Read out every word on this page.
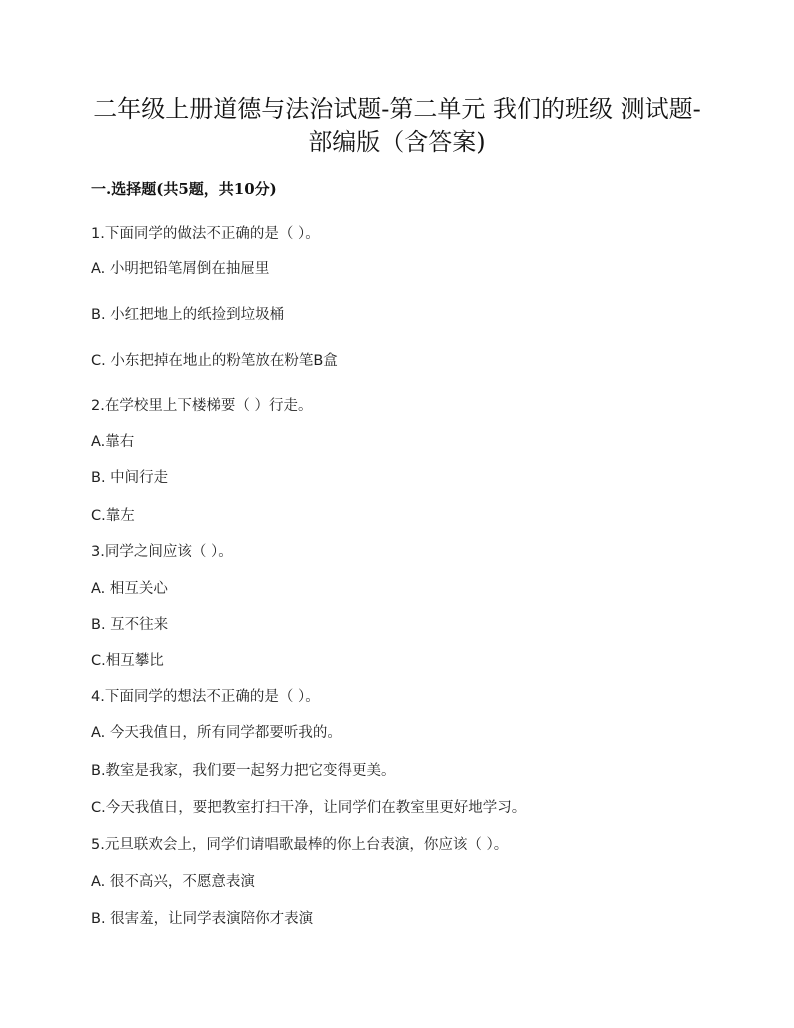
二年级上册道德与法治试题-第二单元 我们的班级 测试题-
部编版（含答案)
一.选择题(共5题，共10分)
1.下面同学的做法不正确的是（ ）。
A. 小明把铅笔屑倒在抽屉里
B. 小红把地上的纸捡到垃圾桶
C. 小东把掉在地止的粉笔放在粉笔B盒
2.在学校里上下楼梯要（ ）行走。
A.靠右
B. 中间行走
C.靠左
3.同学之间应该（ ）。
A. 相互关心
B. 互不往来
C.相互攀比
4.下面同学的想法不正确的是（ ）。
A. 今天我值日，所有同学都要听我的。
B.教室是我家，我们要一起努力把它变得更美。
C.今天我值日，要把教室打扫干净，让同学们在教室里更好地学习。
5.元旦联欢会上，同学们请唱歌最棒的你上台表演，你应该（ ）。
A. 很不高兴，不愿意表演
B. 很害羞，让同学表演陪你才表演
